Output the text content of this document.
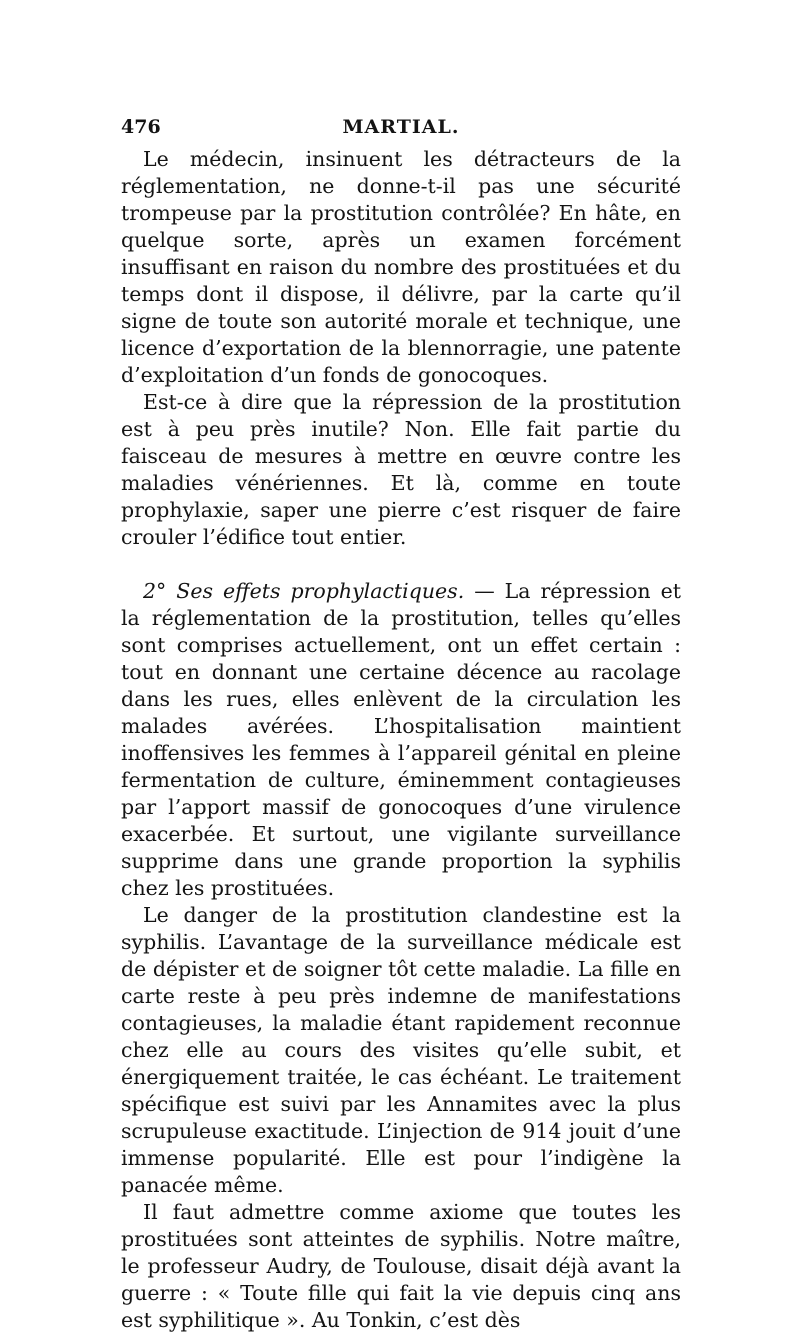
476	MARTIAL.

Le médecin, insinuent les détracteurs de la réglementation, ne donne-t-il pas une sécurité trompeuse par la prostitution contrôlée? En hâte, en quelque sorte, après un examen forcément insuffisant en raison du nombre des prostituées et du temps dont il dispose, il délivre, par la carte qu’il signe de toute son autorité morale et technique, une licence d’exportation de la blennorragie, une patente d’exploitation d’un fonds de gonocoques.

Est-ce à dire que la répression de la prostitution est à peu près inutile? Non. Elle fait partie du faisceau de mesures à mettre en œuvre contre les maladies vénériennes. Et là, comme en toute prophylaxie, saper une pierre c’est risquer de faire crouler l’édifice tout entier.

2° Ses effets prophylactiques. — La répression et la réglementation de la prostitution, telles qu’elles sont comprises actuellement, ont un effet certain : tout en donnant une certaine décence au racolage dans les rues, elles enlèvent de la circulation les malades avérées. L’hospitalisation maintient inoffensives les femmes à l’appareil génital en pleine fermentation de culture, éminemment contagieuses par l’apport massif de gonocoques d’une virulence exacerbée. Et surtout, une vigilante surveillance supprime dans une grande proportion la syphilis chez les prostituées.

Le danger de la prostitution clandestine est la syphilis. L’avantage de la surveillance médicale est de dépister et de soigner tôt cette maladie. La fille en carte reste à peu près indemne de manifestations contagieuses, la maladie étant rapidement reconnue chez elle au cours des visites qu’elle subit, et énergiquement traitée, le cas échéant. Le traitement spécifique est suivi par les Annamites avec la plus scrupuleuse exactitude. L’injection de 914 jouit d’une immense popularité. Elle est pour l’indigène la panacée même.

Il faut admettre comme axiome que toutes les prostituées sont atteintes de syphilis. Notre maître, le professeur Audry, de Toulouse, disait déjà avant la guerre : « Toute fille qui fait la vie depuis cinq ans est syphilitique ». Au Tonkin, c’est dès
